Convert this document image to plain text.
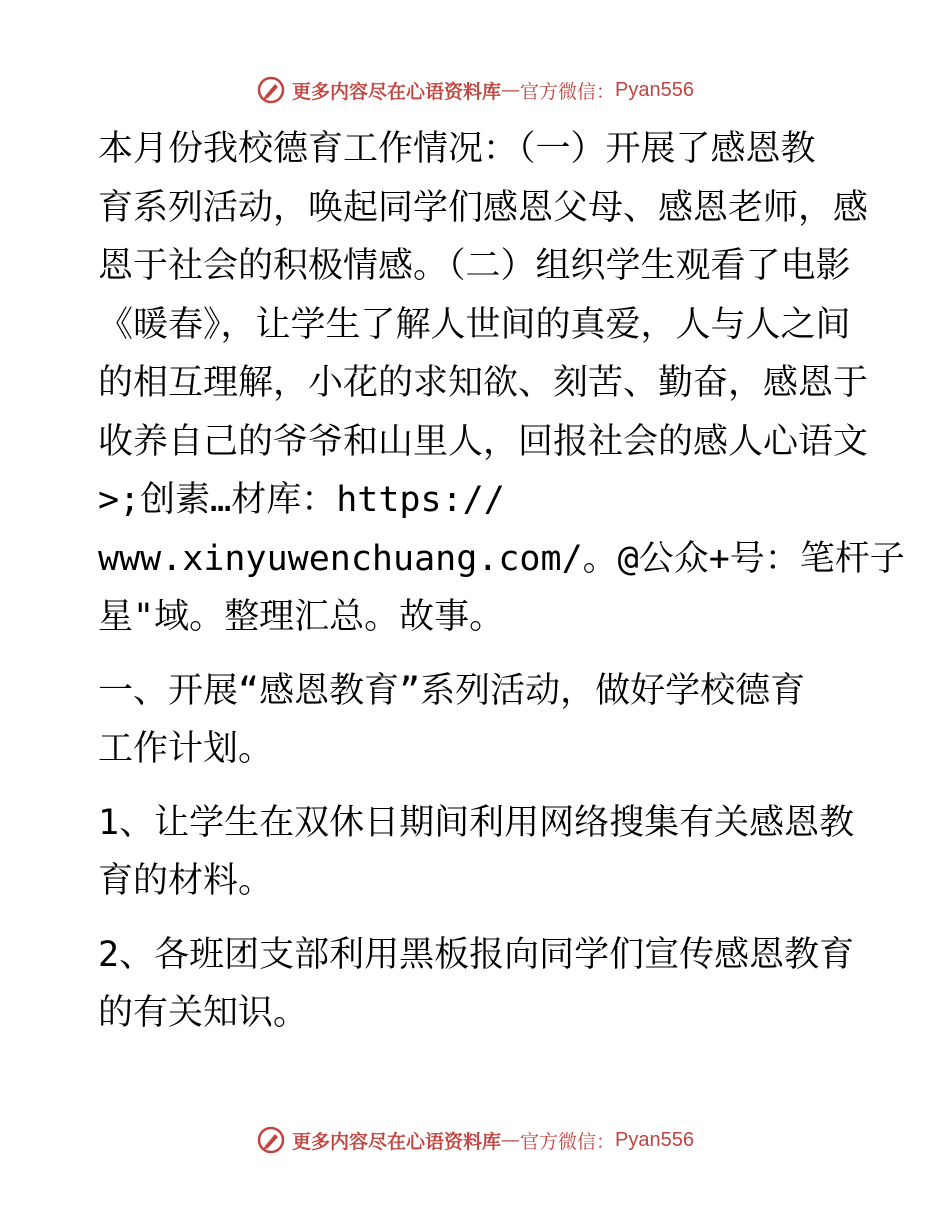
更多内容尽在心语资料库 — 官方微信： Pyan556

本月份我校德育工作情况：（一）开展了感恩教
育系列活动，唤起同学们感恩父母、感恩老师，感
恩于社会的积极情感。（二）组织学生观看了电影
《暖春》，让学生了解人世间的真爱，人与人之间
的相互理解，小花的求知欲、刻苦、勤奋，感恩于
收养自己的爷爷和山里人，回报社会的感人心语文
>;创素…材库：https://
www.xinyuwenchuang.com/。@公众+号：笔杆子
星"域。整理汇总。故事。

一、开展“感恩教育”系列活动，做好学校德育
工作计划。

1、让学生在双休日期间利用网络搜集有关感恩教
育的材料。

2、各班团支部利用黑板报向同学们宣传感恩教育
的有关知识。

更多内容尽在心语资料库 — 官方微信： Pyan556
